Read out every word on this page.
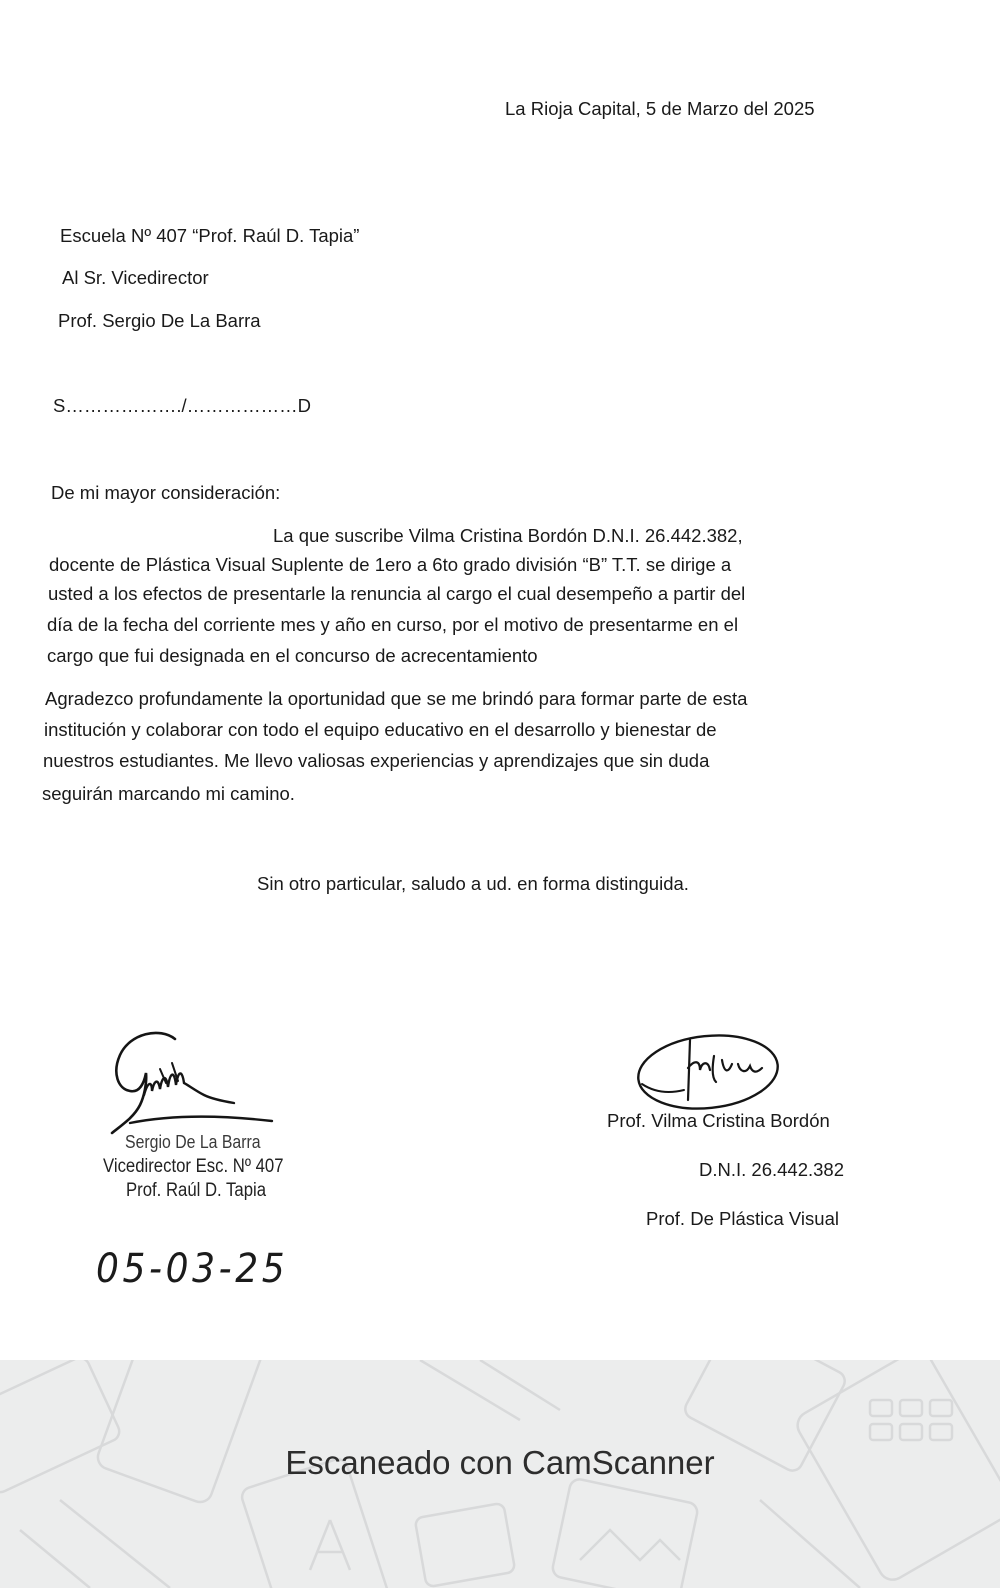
La Rioja Capital, 5 de Marzo del 2025
Escuela Nº 407 “Prof. Raúl D. Tapia”
Al Sr. Vicedirector
Prof. Sergio De La Barra
S………………./………………D
De mi mayor consideración:
La que suscribe Vilma Cristina Bordón D.N.I. 26.442.382,
docente de Plástica Visual Suplente de 1ero a 6to grado división “B” T.T. se dirige a
usted a los efectos de presentarle la renuncia al cargo el cual desempeño a partir del
día de la fecha del corriente mes y año en curso, por el motivo de presentarme en el
cargo que fui designada en el concurso de acrecentamiento
Agradezco profundamente la oportunidad que se me brindó para formar parte de esta
institución y colaborar con todo el equipo educativo en el desarrollo y bienestar de
nuestros estudiantes. Me llevo valiosas experiencias y aprendizajes que sin duda
seguirán marcando mi camino.
Sin otro particular, saludo a ud. en forma distinguida.
Sergio De La Barra
Vicedirector Esc. Nº 407
Prof. Raúl D. Tapia
05-03-25
Prof. Vilma Cristina Bordón
D.N.I. 26.442.382
Prof. De Plástica Visual
Escaneado con CamScanner
